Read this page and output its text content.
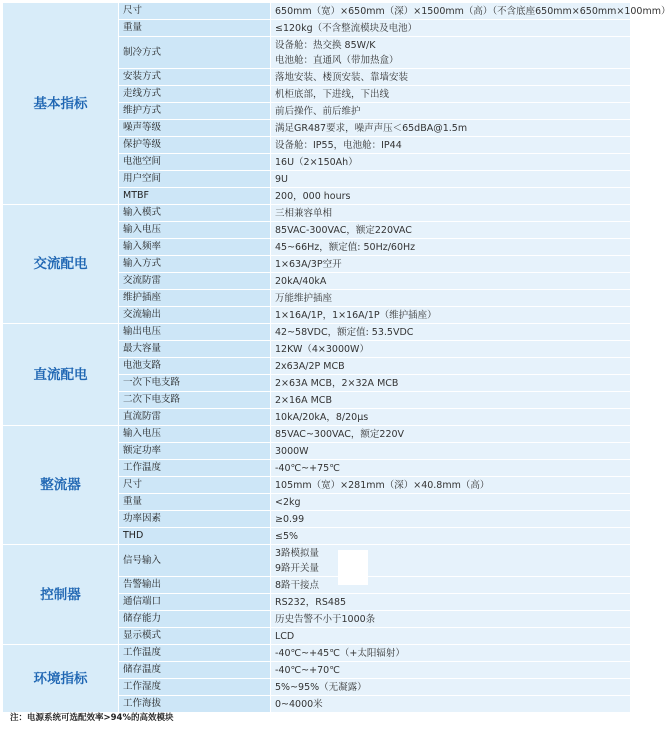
基本指标	尺寸	650mm（宽）×650mm（深）×1500mm（高）（不含底座650mm×650mm×100mm）

	重量	≤120kg（不含整流模块及电池）

	制冷方式	设备舱：热交换 85W/K
电池舱：直通风（带加热盒）

	安装方式	落地安装、楼顶安装、靠墙安装

	走线方式	机柜底部，下进线，下出线

	维护方式	前后操作、前后维护

	噪声等级	满足GR487要求，噪声声压＜65dBA@1.5m

	保护等级	设备舱：IP55，电池舱：IP44

	电池空间	16U（2×150Ah）

	用户空间	9U

	MTBF	200，000 hours

交流配电	输入模式	三相兼容单相

	输入电压	85VAC-300VAC，额定220VAC

	输入频率	45~66Hz，额定值: 50Hz/60Hz

	输入方式	1×63A/3P空开

	交流防雷	20kA/40kA

	维护插座	万能维护插座

	交流输出	1×16A/1P，1×16A/1P（维护插座）

直流配电	输出电压	42~58VDC，额定值: 53.5VDC

	最大容量	12KW（4×3000W）

	电池支路	2x63A/2P MCB

	一次下电支路	2×63A MCB，2×32A MCB

	二次下电支路	2×16A MCB

	直流防雷	10kA/20kA，8/20μs

整流器	输入电压	85VAC~300VAC，额定220V

	额定功率	3000W

	工作温度	-40℃~+75℃

	尺寸	105mm（宽）×281mm（深）×40.8mm（高）

	重量	<2kg

	功率因素	≥0.99

	THD	≤5%

控制器	信号输入	3路模拟量
9路开关量

	告警输出	8路干接点

	通信端口	RS232，RS485

	储存能力	历史告警不小于1000条

	显示模式	LCD

环境指标	工作温度	-40℃~+45℃（+太阳辐射）

	储存温度	-40℃~+70℃

	工作湿度	5%~95%（无凝露）

	工作海拔	0~4000米
注：电源系统可选配效率>94%的高效模块
